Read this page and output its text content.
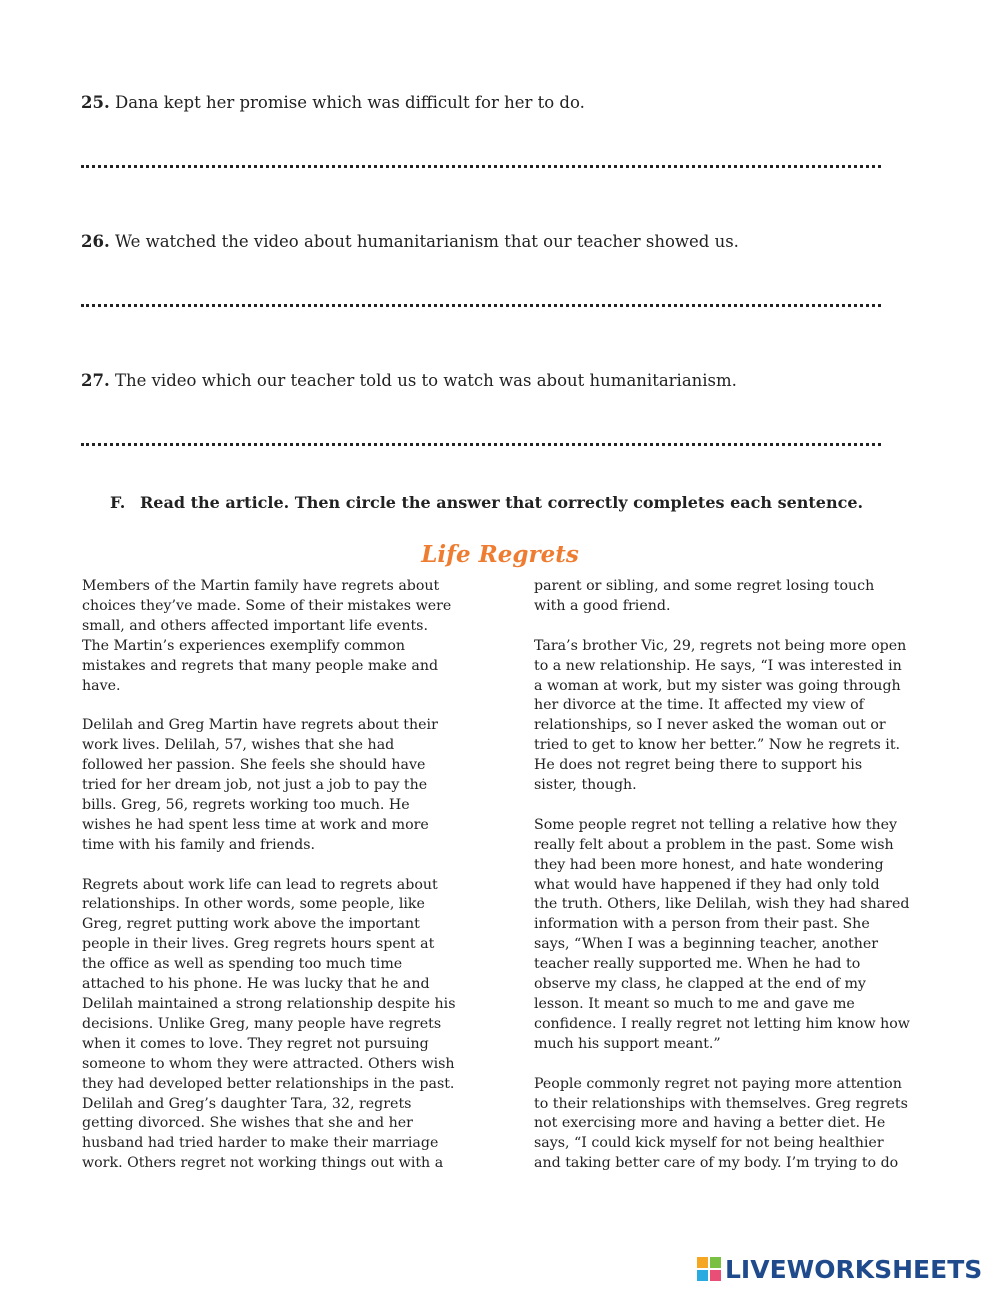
25. Dana kept her promise which was difficult for her to do.
26. We watched the video about humanitarianism that our teacher showed us.
27. The video which our teacher told us to watch was about humanitarianism.
F. Read the article. Then circle the answer that correctly completes each sentence.
Life Regrets

Members of the Martin family have regrets about
choices they’ve made. Some of their mistakes were
small, and others affected important life events.
The Martin’s experiences exemplify common
mistakes and regrets that many people make and
have.

Delilah and Greg Martin have regrets about their
work lives. Delilah, 57, wishes that she had
followed her passion. She feels she should have
tried for her dream job, not just a job to pay the
bills. Greg, 56, regrets working too much. He
wishes he had spent less time at work and more
time with his family and friends.

Regrets about work life can lead to regrets about
relationships. In other words, some people, like
Greg, regret putting work above the important
people in their lives. Greg regrets hours spent at
the office as well as spending too much time
attached to his phone. He was lucky that he and
Delilah maintained a strong relationship despite his
decisions. Unlike Greg, many people have regrets
when it comes to love. They regret not pursuing
someone to whom they were attracted. Others wish
they had developed better relationships in the past.
Delilah and Greg’s daughter Tara, 32, regrets
getting divorced. She wishes that she and her
husband had tried harder to make their marriage
work. Others regret not working things out with a

parent or sibling, and some regret losing touch
with a good friend.

Tara’s brother Vic, 29, regrets not being more open
to a new relationship. He says, “I was interested in
a woman at work, but my sister was going through
her divorce at the time. It affected my view of
relationships, so I never asked the woman out or
tried to get to know her better.” Now he regrets it.
He does not regret being there to support his
sister, though.

Some people regret not telling a relative how they
really felt about a problem in the past. Some wish
they had been more honest, and hate wondering
what would have happened if they had only told
the truth. Others, like Delilah, wish they had shared
information with a person from their past. She
says, “When I was a beginning teacher, another
teacher really supported me. When he had to
observe my class, he clapped at the end of my
lesson. It meant so much to me and gave me
confidence. I really regret not letting him know how
much his support meant.”

People commonly regret not paying more attention
to their relationships with themselves. Greg regrets
not exercising more and having a better diet. He
says, “I could kick myself for not being healthier
and taking better care of my body. I’m trying to do

LIVEWORKSHEETS
